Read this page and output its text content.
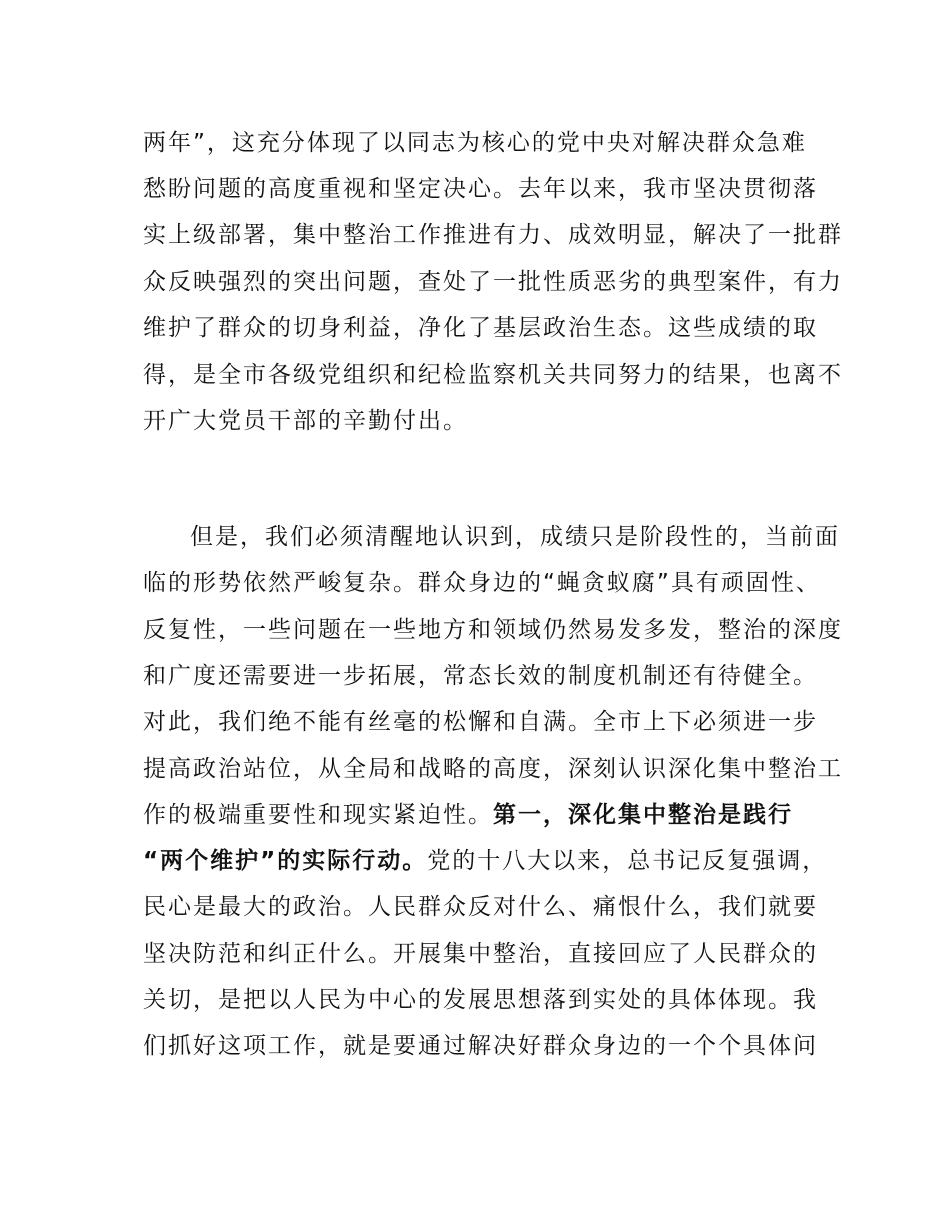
两年”，这充分体现了以同志为核心的党中央对解决群众急难
愁盼问题的高度重视和坚定决心。去年以来，我市坚决贯彻落
实上级部署，集中整治工作推进有力、成效明显，解决了一批群
众反映强烈的突出问题，查处了一批性质恶劣的典型案件，有力
维护了群众的切身利益，净化了基层政治生态。这些成绩的取
得，是全市各级党组织和纪检监察机关共同努力的结果，也离不
开广大党员干部的辛勤付出。
但是，我们必须清醒地认识到，成绩只是阶段性的，当前面
临的形势依然严峻复杂。群众身边的“蝇贪蚁腐”具有顽固性、
反复性，一些问题在一些地方和领域仍然易发多发，整治的深度
和广度还需要进一步拓展，常态长效的制度机制还有待健全。
对此，我们绝不能有丝毫的松懈和自满。全市上下必须进一步
提高政治站位，从全局和战略的高度，深刻认识深化集中整治工
作的极端重要性和现实紧迫性。第一，深化集中整治是践行
“两个维护”的实际行动。党的十八大以来，总书记反复强调，
民心是最大的政治。人民群众反对什么、痛恨什么，我们就要
坚决防范和纠正什么。开展集中整治，直接回应了人民群众的
关切，是把以人民为中心的发展思想落到实处的具体体现。我
们抓好这项工作，就是要通过解决好群众身边的一个个具体问
